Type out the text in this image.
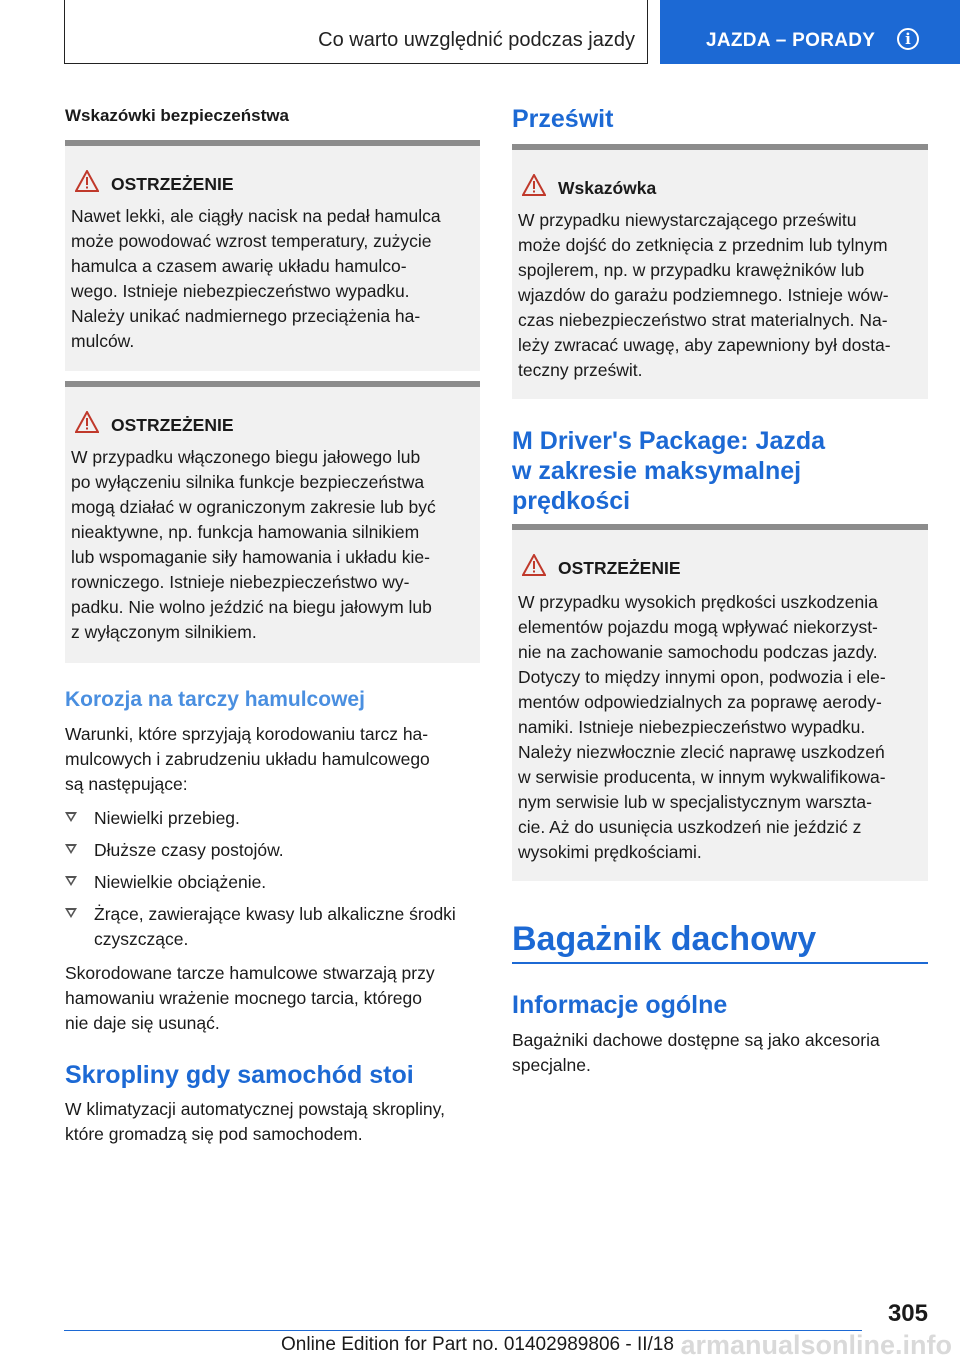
Co warto uwzględnić podczas jazdy	JAZDA – PORADY	i
Wskazówki bezpieczeństwa
OSTRZEŻENIE
Nawet lekki, ale ciągły nacisk na pedał hamulca
może powodować wzrost temperatury, zużycie
hamulca a czasem awarię układu hamulco-
wego. Istnieje niebezpieczeństwo wypadku.
Należy unikać nadmiernego przeciążenia ha-
mulców.
OSTRZEŻENIE
W przypadku włączonego biegu jałowego lub
po wyłączeniu silnika funkcje bezpieczeństwa
mogą działać w ograniczonym zakresie lub być
nieaktywne, np. funkcja hamowania silnikiem
lub wspomaganie siły hamowania i układu kie-
rowniczego. Istnieje niebezpieczeństwo wy-
padku. Nie wolno jeździć na biegu jałowym lub
z wyłączonym silnikiem.
Korozja na tarczy hamulcowej
Warunki, które sprzyjają korodowaniu tarcz ha-
mulcowych i zabrudzeniu układu hamulcowego
są następujące:
Niewielki przebieg.
Dłuższe czasy postojów.
Niewielkie obciążenie.
Żrące, zawierające kwasy lub alkaliczne środki
czyszczące.
Skorodowane tarcze hamulcowe stwarzają przy
hamowaniu wrażenie mocnego tarcia, którego
nie daje się usunąć.
Skropliny gdy samochód stoi
W klimatyzacji automatycznej powstają skropliny,
które gromadzą się pod samochodem.
Prześwit
Wskazówka
W przypadku niewystarczającego prześwitu
może dojść do zetknięcia z przednim lub tylnym
spojlerem, np. w przypadku krawężników lub
wjazdów do garażu podziemnego. Istnieje wów-
czas niebezpieczeństwo strat materialnych. Na-
leży zwracać uwagę, aby zapewniony był dosta-
teczny prześwit.
M Driver's Package: Jazda
w zakresie maksymalnej
prędkości
OSTRZEŻENIE
W przypadku wysokich prędkości uszkodzenia
elementów pojazdu mogą wpływać niekorzyst-
nie na zachowanie samochodu podczas jazdy.
Dotyczy to między innymi opon, podwozia i ele-
mentów odpowiedzialnych za poprawę aerody-
namiki. Istnieje niebezpieczeństwo wypadku.
Należy niezwłocznie zlecić naprawę uszkodzeń
w serwisie producenta, w innym wykwalifikowa-
nym serwisie lub w specjalistycznym warszta-
cie. Aż do usunięcia uszkodzeń nie jeździć z
wysokimi prędkościami.
Bagażnik dachowy
Informacje ogólne
Bagażniki dachowe dostępne są jako akcesoria
specjalne.
305
Online Edition for Part no. 01402989806 - II/18 armanualsonline.info
